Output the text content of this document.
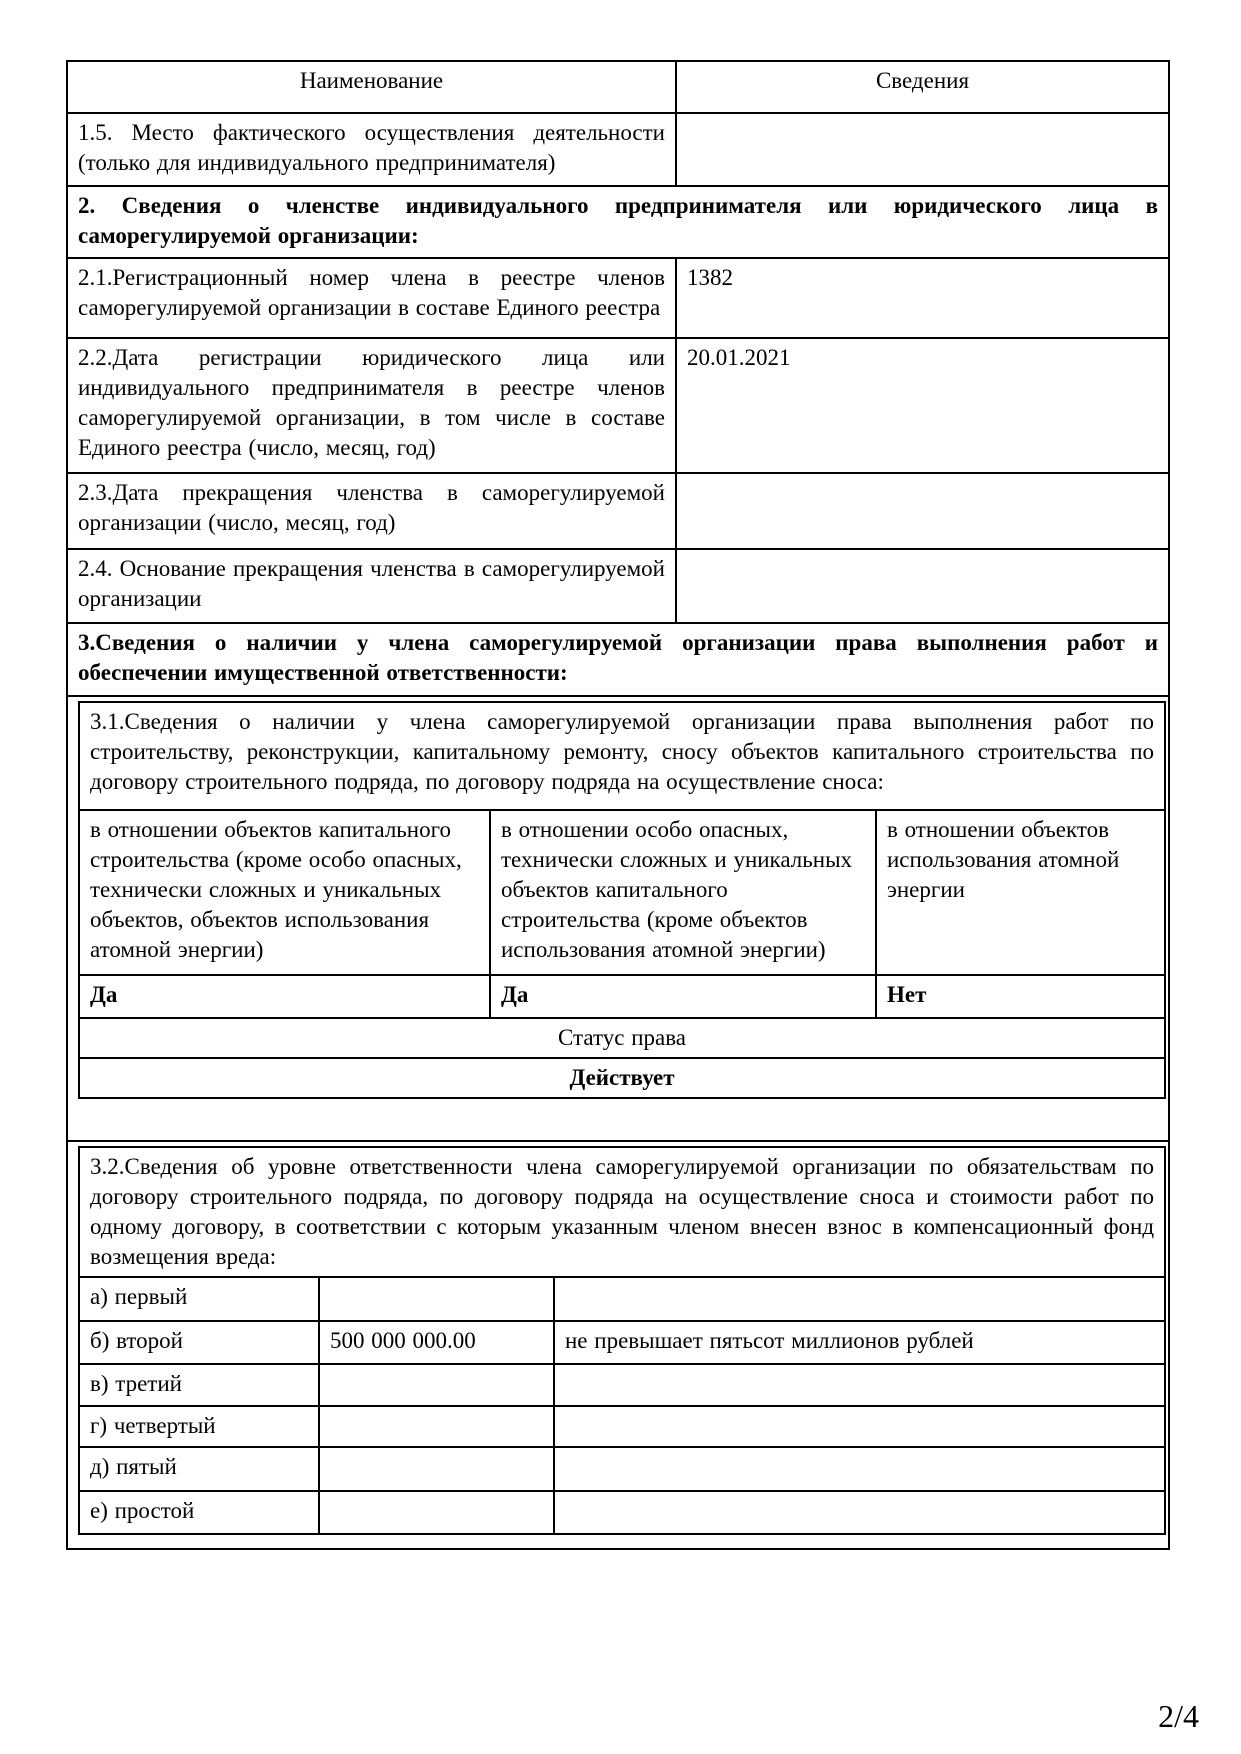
Наименование	Сведения
1.5. Место фактического осуществления деятельности (только для индивидуального предпринимателя)	
2. Сведения о членстве индивидуального предпринимателя или юридического лица в саморегулируемой организации:
2.1.Регистрационный номер члена в реестре членов саморегулируемой организации в составе Единого реестра	1382
2.2.Дата регистрации юридического лица или индивидуального предпринимателя в реестре членов саморегулируемой организации, в том числе в составе Единого реестра (число, месяц, год)	20.01.2021
2.3.Дата прекращения членства в саморегулируемой организации (число, месяц, год)	
2.4. Основание прекращения членства в саморегулируемой организации	
3.Сведения о наличии у члена саморегулируемой организации права выполнения работ и обеспечении имущественной ответственности:

3.1.Сведения о наличии у члена саморегулируемой организации права выполнения работ по строительству, реконструкции, капитальному ремонту, сносу объектов капитального строительства по договору строительного подряда, по договору подряда на осуществление сноса:
в отношении объектов капитального строительства (кроме особо опасных, технически сложных и уникальных объектов, объектов использования атомной энергии)	в отношении особо опасных, технически сложных и уникальных объектов капитального строительства (кроме объектов использования атомной энергии)	в отношении объектов использования атомной энергии
Да	Да	Нет
Статус права
Действует

3.2.Сведения об уровне ответственности члена саморегулируемой организации по обязательствам по договору строительного подряда, по договору подряда на осуществление сноса и стоимости работ по одному договору, в соответствии с которым указанным членом внесен взнос в компенсационный фонд возмещения вреда:
а) первый		
б) второй	500 000 000.00	не превышает пятьсот миллионов рублей
в) третий		
г) четвертый		
д) пятый		
е) простой		
2/4
